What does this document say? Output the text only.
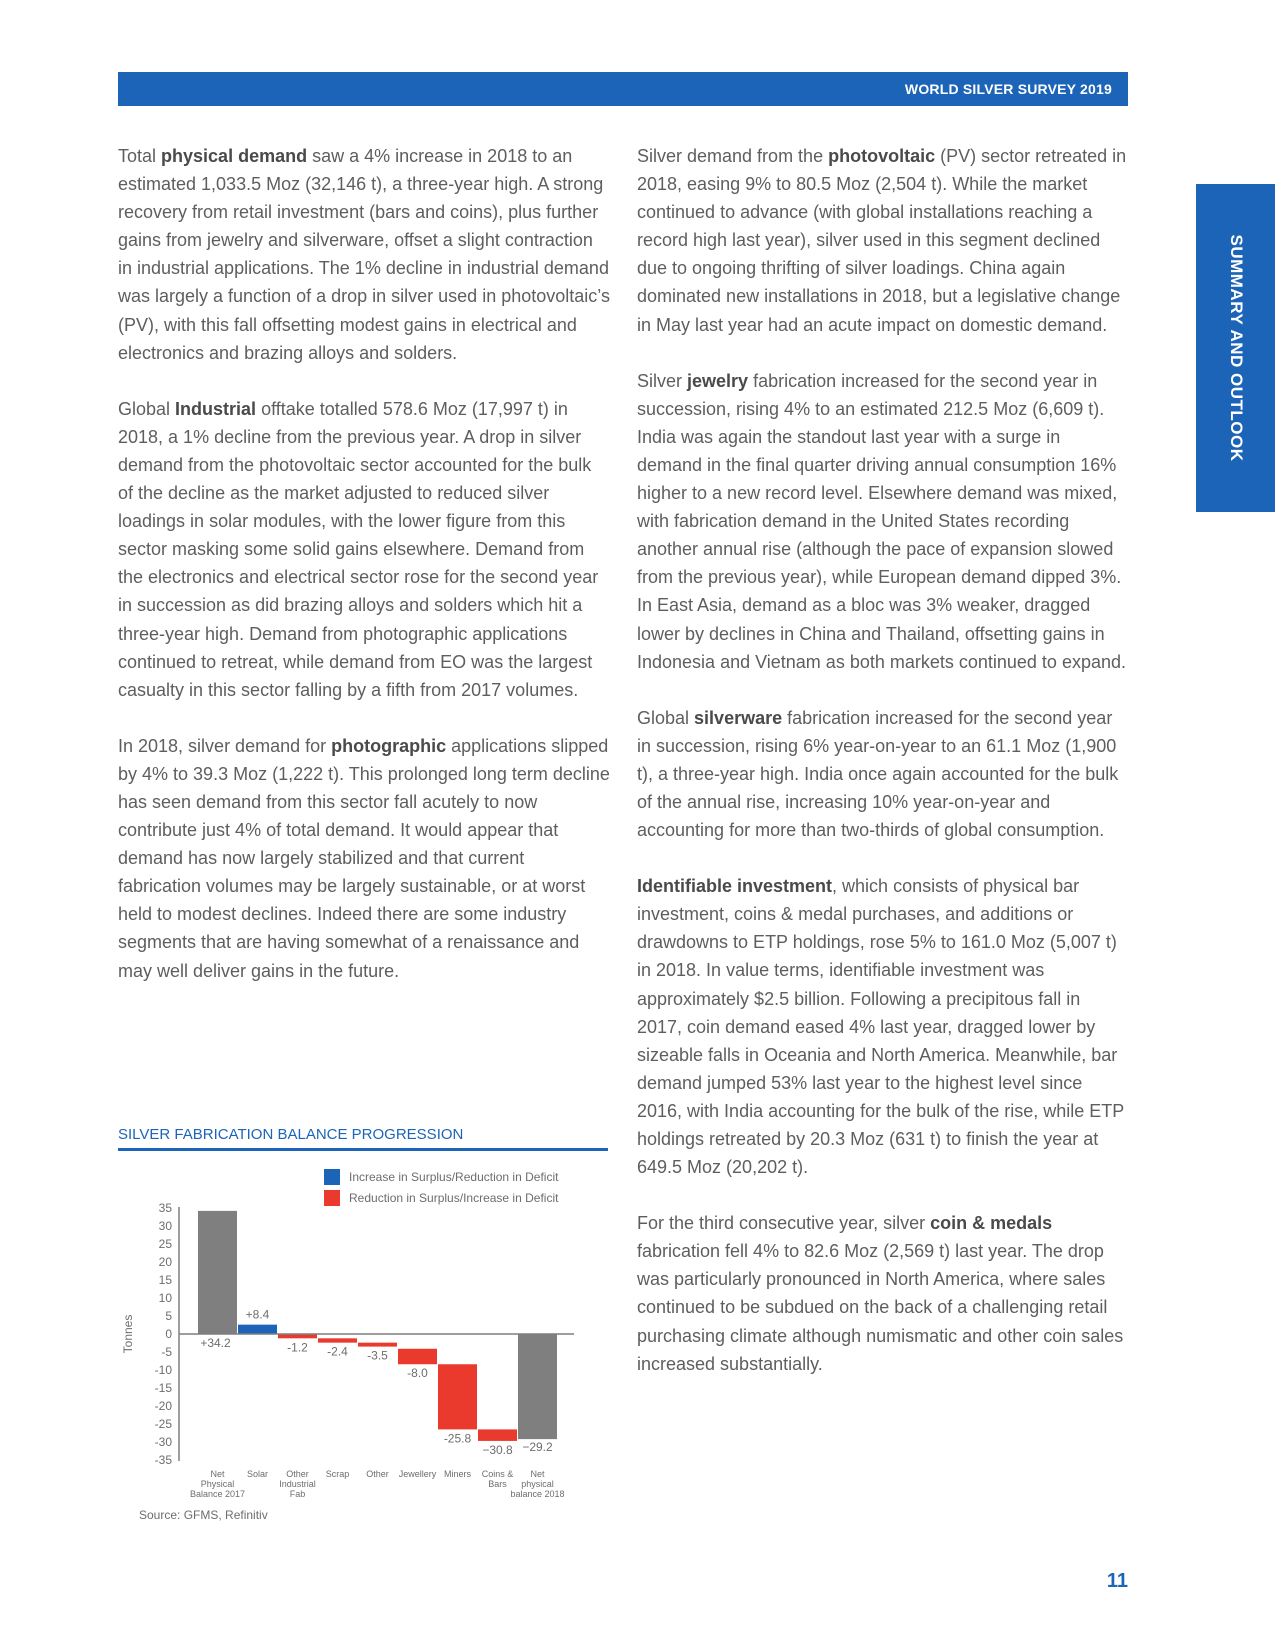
WORLD SILVER SURVEY 2019
SUMMARY AND OUTLOOK

Total physical demand saw a 4% increase in 2018 to an estimated 1,033.5 Moz (32,146 t), a three-year high. A strong recovery from retail investment (bars and coins), plus further gains from jewelry and silverware, offset a slight contraction in industrial applications. The 1% decline in industrial demand was largely a function of a drop in silver used in photovoltaic’s (PV), with this fall offsetting modest gains in electrical and electronics and brazing alloys and solders.

Global Industrial offtake totalled 578.6 Moz (17,997 t) in 2018, a 1% decline from the previous year. A drop in silver demand from the photovoltaic sector accounted for the bulk of the decline as the market adjusted to reduced silver loadings in solar modules, with the lower figure from this sector masking some solid gains elsewhere. Demand from the electronics and electrical sector rose for the second year in succession as did brazing alloys and solders which hit a three-year high. Demand from photographic applications continued to retreat, while demand from EO was the largest casualty in this sector falling by a fifth from 2017 volumes.

In 2018, silver demand for photographic applications slipped by 4% to 39.3 Moz (1,222 t). This prolonged long term decline has seen demand from this sector fall acutely to now contribute just 4% of total demand. It would appear that demand has now largely stabilized and that current fabrication volumes may be largely sustainable, or at worst held to modest declines. Indeed there are some industry segments that are having somewhat of a renaissance and may well deliver gains in the future.

Silver demand from the photovoltaic (PV) sector retreated in 2018, easing 9% to 80.5 Moz (2,504 t). While the market continued to advance (with global installations reaching a record high last year), silver used in this segment declined due to ongoing thrifting of silver loadings. China again dominated new installations in 2018, but a legislative change in May last year had an acute impact on domestic demand.

Silver jewelry fabrication increased for the second year in succession, rising 4% to an estimated 212.5 Moz (6,609 t). India was again the standout last year with a surge in demand in the final quarter driving annual consumption 16% higher to a new record level. Elsewhere demand was mixed, with fabrication demand in the United States recording another annual rise (although the pace of expansion slowed from the previous year), while European demand dipped 3%. In East Asia, demand as a bloc was 3% weaker, dragged lower by declines in China and Thailand, offsetting gains in Indonesia and Vietnam as both markets continued to expand.

Global silverware fabrication increased for the second year in succession, rising 6% year-on-year to an 61.1 Moz (1,900 t), a three-year high. India once again accounted for the bulk of the annual rise, increasing 10% year-on-year and accounting for more than two-thirds of global consumption.

Identifiable investment, which consists of physical bar investment, coins & medal purchases, and additions or drawdowns to ETP holdings, rose 5% to 161.0 Moz (5,007 t) in 2018. In value terms, identifiable investment was approximately $2.5 billion. Following a precipitous fall in 2017, coin demand eased 4% last year, dragged lower by sizeable falls in Oceania and North America. Meanwhile, bar demand jumped 53% last year to the highest level since 2016, with India accounting for the bulk of the rise, while ETP holdings retreated by 20.3 Moz (631 t) to finish the year at 649.5 Moz (20,202 t).

For the third consecutive year, silver coin & medals fabrication fell 4% to 82.6 Moz (2,569 t) last year. The drop was particularly pronounced in North America, where sales continued to be subdued on the back of a challenging retail purchasing climate although numismatic and other coin sales increased substantially.

SILVER FABRICATION BALANCE PROGRESSION
Increase in Surplus/Reduction in Deficit
Reduction in Surplus/Increase in Deficit
35
30
25
20
15
10
5
0
-5
-10
-15
-20
-25
-30
-35
Tonnes	+34.2
+8.4
-1.2 -2.4 -3.5
-8.0
-25.8
−30.8 −29.2
Net
Physical
Balance 2017
Solar Other
Industrial
Fab
Scrap Other Jewellery Miners Coins &
Bars
Net
physical
balance 2018
Source: GFMS, Refinitiv
11
